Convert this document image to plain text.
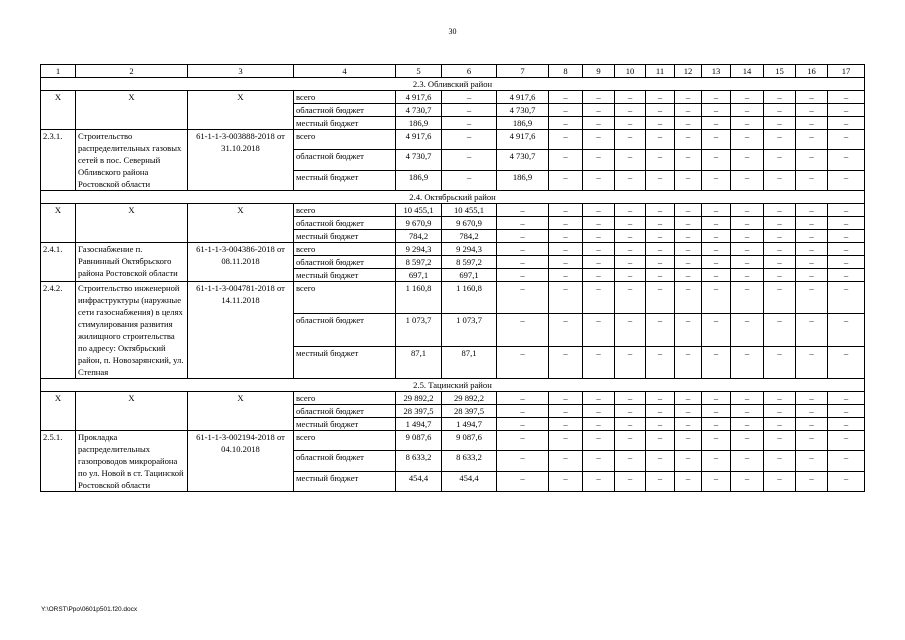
30
1	2	3	4	5	6	7	8	9	10	11	12	13	14	15	16	17
2.3. Обливский район																
X	X	X	всего	4 917,6	–	4 917,6	–	–	–	–	–	–	–	–	–	–
			областной бюджет	4 730,7	–	4 730,7	–	–	–	–	–	–	–	–	–	–
			местный бюджет	186,9	–	186,9	–	–	–	–	–	–	–	–	–	–
2.3.1.	Строительство распределительных газовых сетей в пос. Северный Обливского района Ростовской области	61-1-1-3-003888-2018 от 31.10.2018	всего	4 917,6	–	4 917,6	–	–	–	–	–	–	–	–	–	–
			областной бюджет	4 730,7	–	4 730,7	–	–	–	–	–	–	–	–	–	–
			местный бюджет	186,9	–	186,9	–	–	–	–	–	–	–	–	–	–
2.4. Октябрьский район																
X	X	X	всего	10 455,1	10 455,1	–	–	–	–	–	–	–	–	–	–	–
			областной бюджет	9 670,9	9 670,9	–	–	–	–	–	–	–	–	–	–	–
			местный бюджет	784,2	784,2	–	–	–	–	–	–	–	–	–	–	–
2.4.1.	Газоснабжение п. Равнинный Октябрьского района Ростовской области	61-1-1-3-004386-2018 от 08.11.2018	всего	9 294,3	9 294,3	–	–	–	–	–	–	–	–	–	–	–
			областной бюджет	8 597,2	8 597,2	–	–	–	–	–	–	–	–	–	–	–
			местный бюджет	697,1	697,1	–	–	–	–	–	–	–	–	–	–	–
2.4.2.	Строительство инженерной инфраструктуры (наружные сети газоснабжения) в целях стимулирования развития жилищного строительства по адресу: Октябрьский район, п. Новозарянский, ул. Степная	61-1-1-3-004781-2018 от 14.11.2018	всего	1 160,8	1 160,8	–	–	–	–	–	–	–	–	–	–	–
			областной бюджет	1 073,7	1 073,7	–	–	–	–	–	–	–	–	–	–	–
			местный бюджет	87,1	87,1	–	–	–	–	–	–	–	–	–	–	–
2.5. Тацинский район																
X	X	X	всего	29 892,2	29 892,2	–	–	–	–	–	–	–	–	–	–	–
			областной бюджет	28 397,5	28 397,5	–	–	–	–	–	–	–	–	–	–	–
			местный бюджет	1 494,7	1 494,7	–	–	–	–	–	–	–	–	–	–	–
2.5.1.	Прокладка распределительных газопроводов микрорайона по ул. Новой в ст. Тацинской Ростовской области	61-1-1-3-002194-2018 от 04.10.2018	всего	9 087,6	9 087,6	–	–	–	–	–	–	–	–	–	–	–
			областной бюджет	8 633,2	8 633,2	–	–	–	–	–	–	–	–	–	–	–
			местный бюджет	454,4	454,4	–	–	–	–	–	–	–	–	–	–	–
Y:\ORST\Ppo\0601p501.f20.docx
